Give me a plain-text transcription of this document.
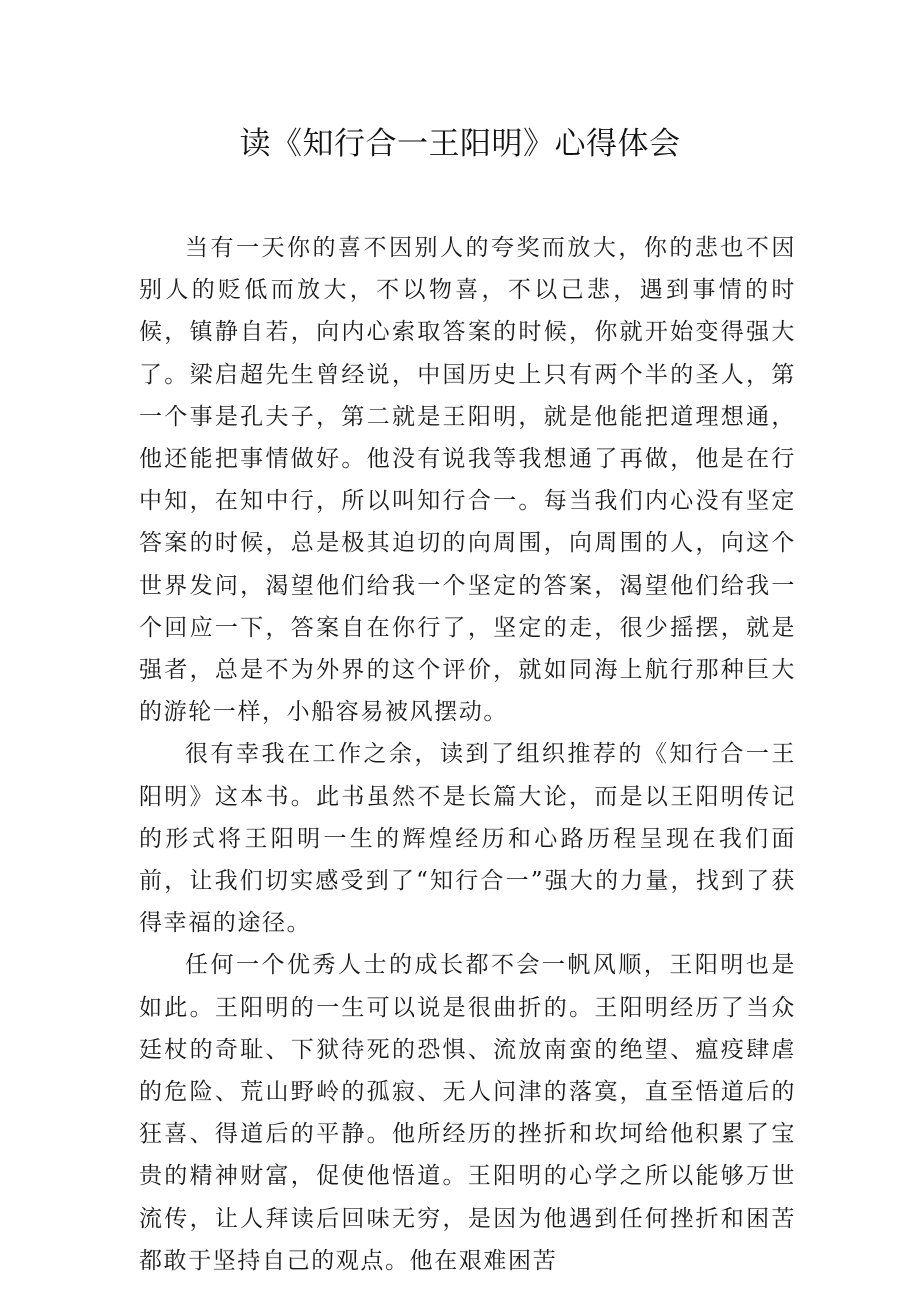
读《知行合一王阳明》心得体会

当有一天你的喜不因别人的夸奖而放大，你的悲也不因别人的贬低而放大，不以物喜，不以己悲，遇到事情的时候，镇静自若，向内心索取答案的时候，你就开始变得强大了。梁启超先生曾经说，中国历史上只有两个半的圣人，第一个事是孔夫子，第二就是王阳明，就是他能把道理想通，他还能把事情做好。他没有说我等我想通了再做，他是在行中知，在知中行，所以叫知行合一。每当我们内心没有坚定答案的时候，总是极其迫切的向周围，向周围的人，向这个世界发问，渴望他们给我一个坚定的答案，渴望他们给我一个回应一下，答案自在你行了，坚定的走，很少摇摆，就是强者，总是不为外界的这个评价，就如同海上航行那种巨大的游轮一样，小船容易被风摆动。

很有幸我在工作之余，读到了组织推荐的《知行合一王阳明》这本书。此书虽然不是长篇大论，而是以王阳明传记的形式将王阳明一生的辉煌经历和心路历程呈现在我们面前，让我们切实感受到了“知行合一”强大的力量，找到了获得幸福的途径。

任何一个优秀人士的成长都不会一帆风顺，王阳明也是如此。王阳明的一生可以说是很曲折的。王阳明经历了当众廷杖的奇耻、下狱待死的恐惧、流放南蛮的绝望、瘟疫肆虐的危险、荒山野岭的孤寂、无人问津的落寞，直至悟道后的狂喜、得道后的平静。他所经历的挫折和坎坷给他积累了宝贵的精神财富，促使他悟道。王阳明的心学之所以能够万世流传，让人拜读后回味无穷，是因为他遇到任何挫折和困苦都敢于坚持自己的观点。他在艰难困苦
